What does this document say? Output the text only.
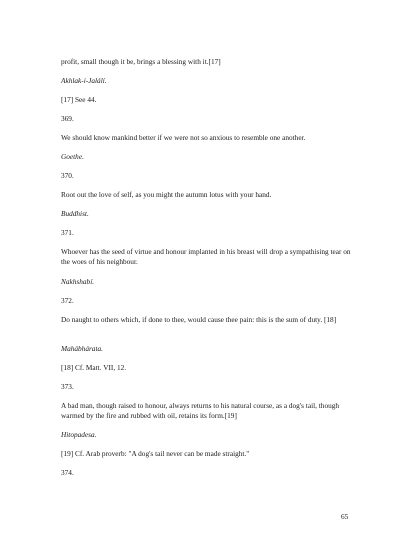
profit, small though it be, brings a blessing with it.[17]

Akhlak-i-Jalálí.

[17] See 44.

369.

We should know mankind better if we were not so anxious to resemble one another.

Goethe.

370.

Root out the love of self, as you might the autumn lotus with your hand.

Buddhist.

371.

Whoever has the seed of virtue and honour implanted in his breast will drop a sympathising tear on the woes of his neighbour.

Nakhshabí.

372.

Do naught to others which, if done to thee, would cause thee pain: this is the sum of duty. [18]

Mahábhárata.

[18] Cf. Matt. VII, 12.

373.

A bad man, though raised to honour, always returns to his natural course, as a dog's tail, though warmed by the fire and rubbed with oil, retains its form.[19]

Hitopadesa.

[19] Cf. Arab proverb: "A dog's tail never can be made straight."

374.

65
